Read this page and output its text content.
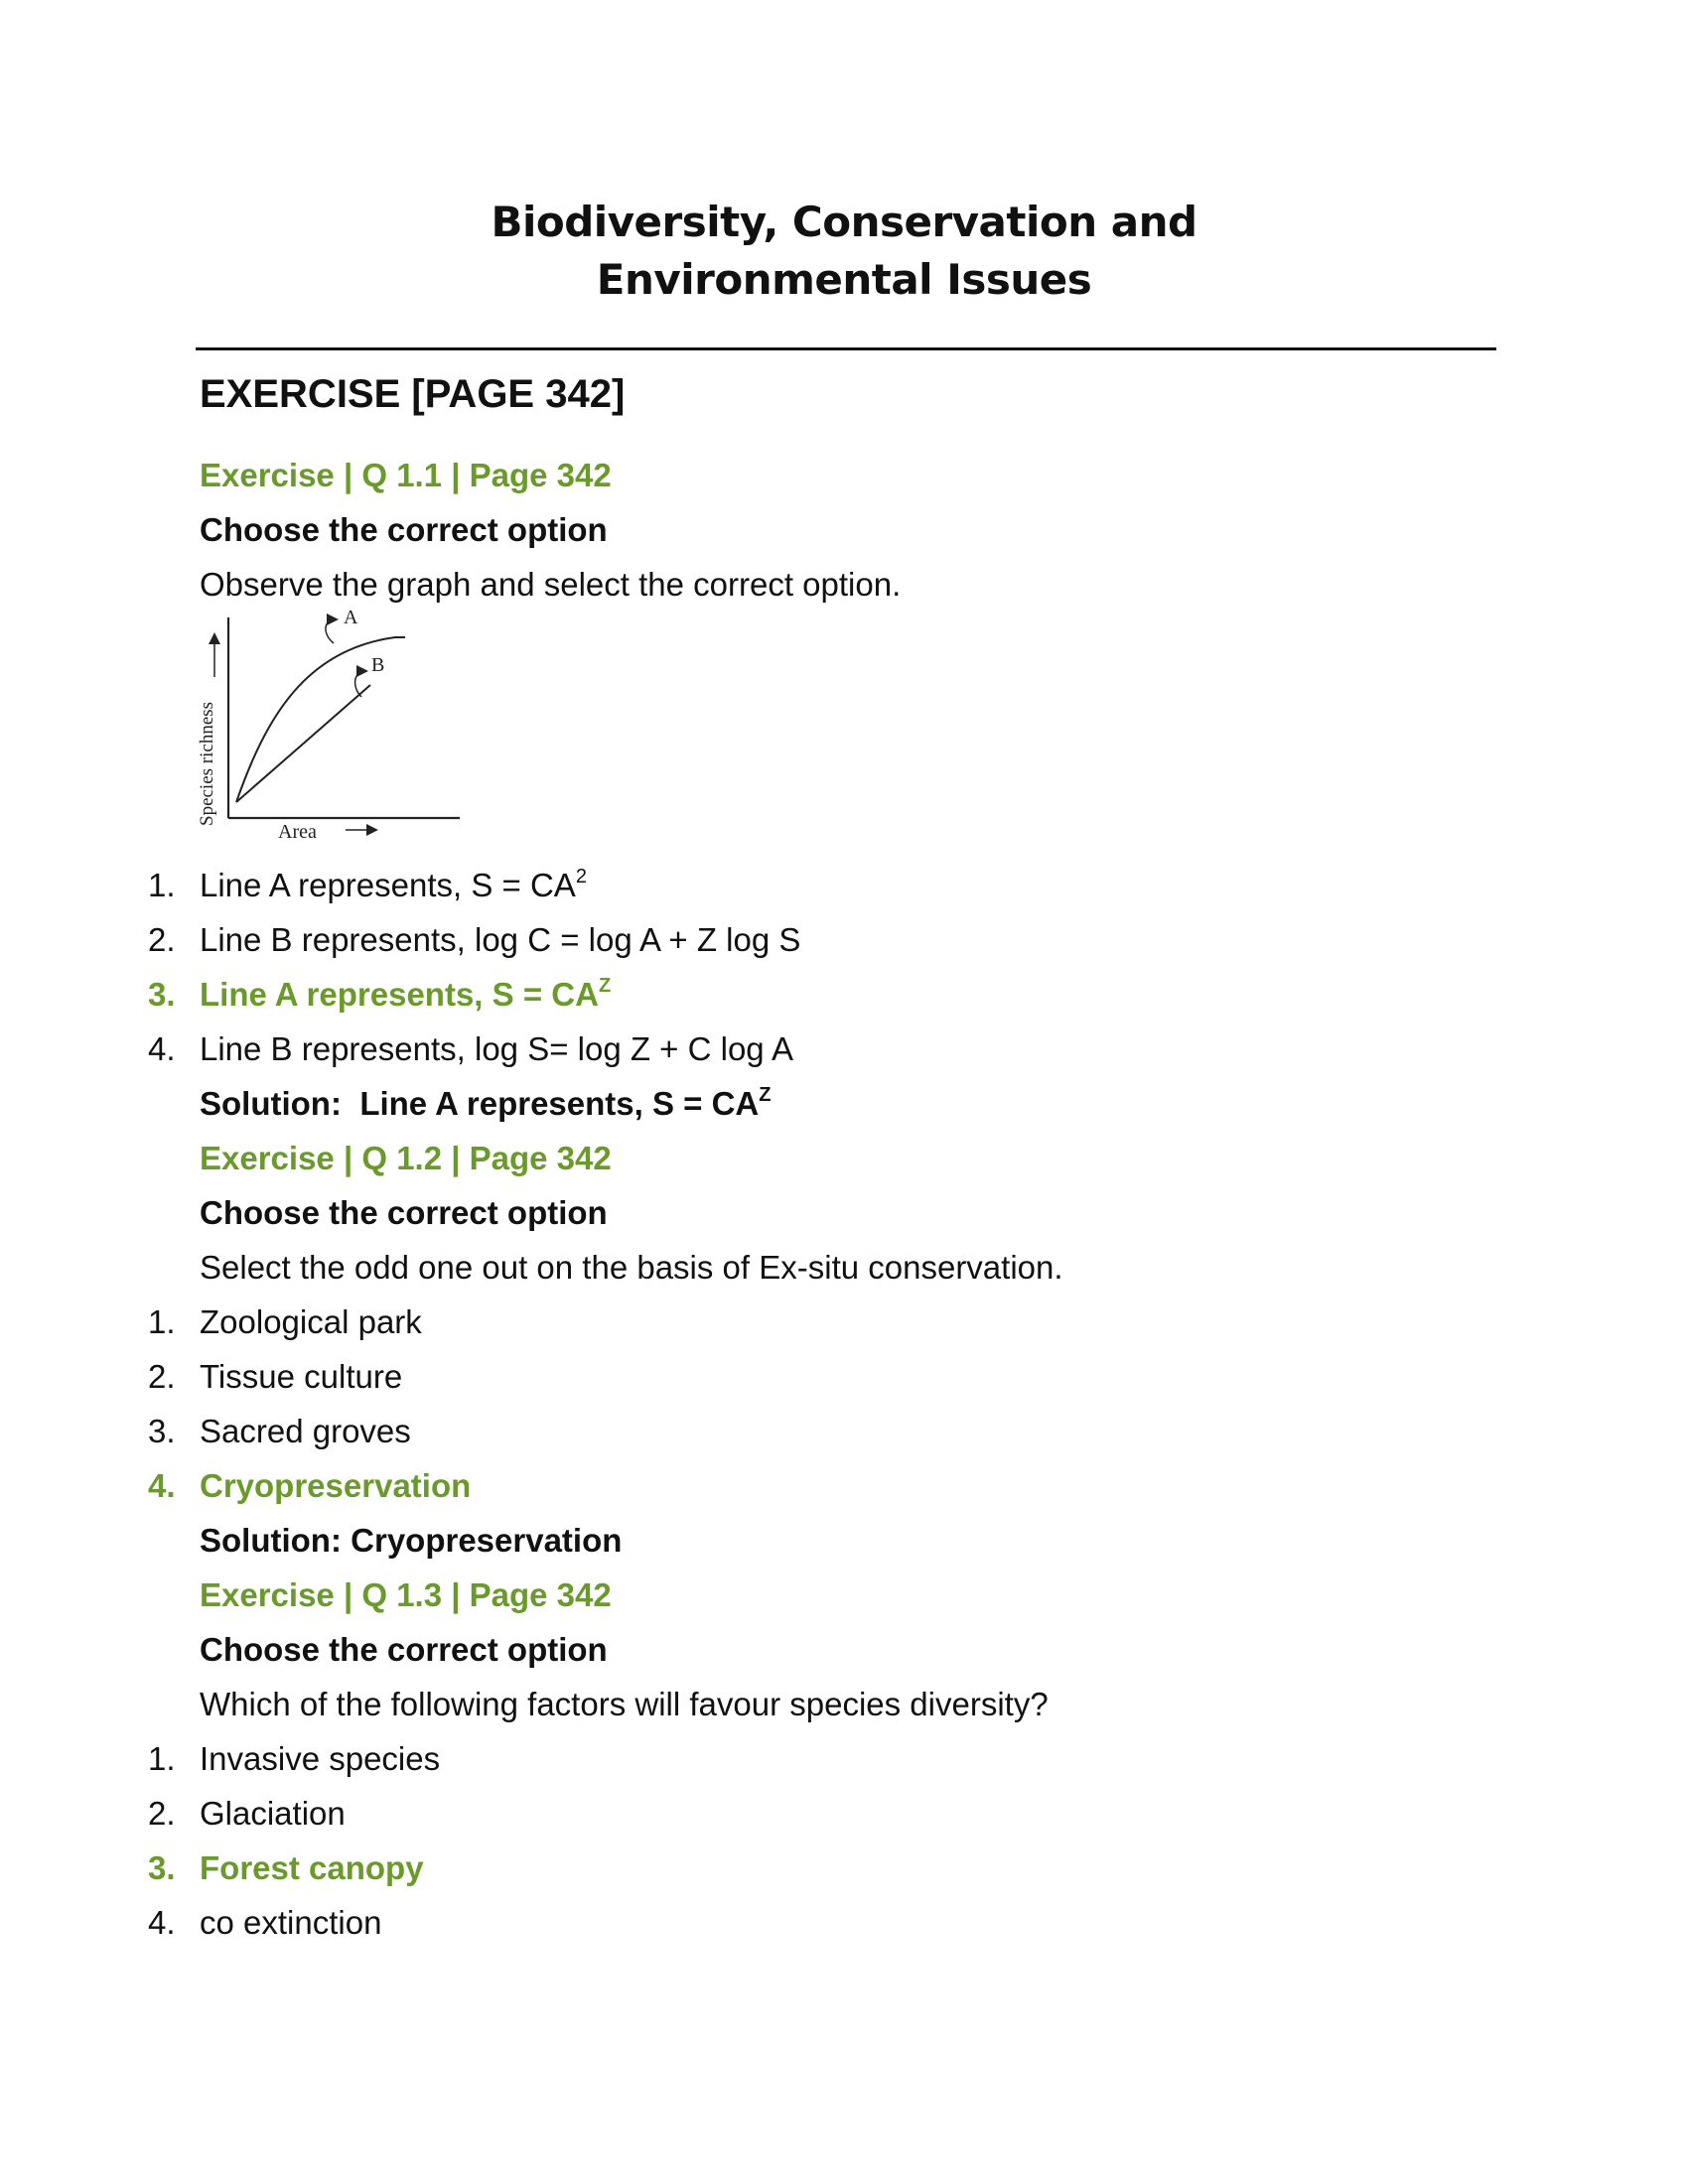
Biodiversity, Conservation and
Environmental Issues
EXERCISE [PAGE 342]
Exercise | Q 1.1 | Page 342
Choose the correct option
Observe the graph and select the correct option.
A
B
Area
Species richness
1. Line A represents, $S = CA^2$
2. Line B represents, log C = log A + Z log S
3. Line A represents, $S = CA^Z$
4. Line B represents, log S= log Z + C log A
Solution: Line A represents, $S = CA^Z$
Exercise | Q 1.2 | Page 342
Choose the correct option
Select the odd one out on the basis of Ex-situ conservation.
1. Zoological park
2. Tissue culture
3. Sacred groves
4. Cryopreservation
Solution: Cryopreservation
Exercise | Q 1.3 | Page 342
Choose the correct option
Which of the following factors will favour species diversity?
1. Invasive species
2. Glaciation
3. Forest canopy
4. co extinction
